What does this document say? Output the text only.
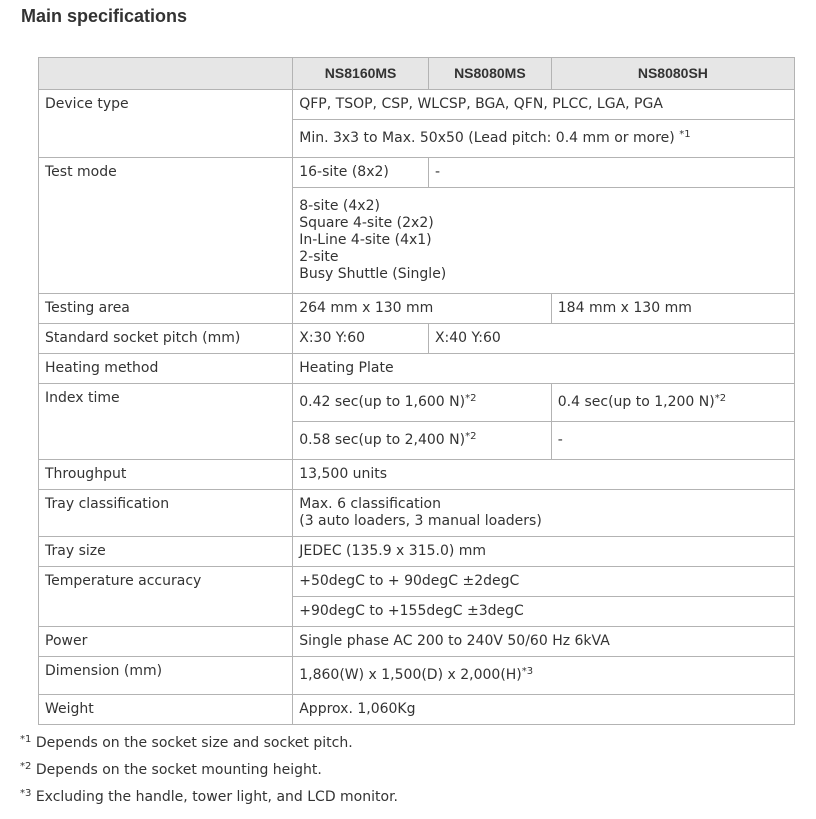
Main specifications
	NS8160MS	NS8080MS	NS8080SH
Device type	QFP, TSOP, CSP, WLCSP, BGA, QFN, PLCC, LGA, PGA		
	Min. 3x3 to Max. 50x50 (Lead pitch: 0.4 mm or more) $^{*1}$
Test mode	16-site (8x2)	-	

	8-site (4x2)
Square 4-site (2x2)
In-Line 4-site (4x1)
2-site
Busy Shuttle (Single)		

Testing area	264 mm x 130 mm		184 mm x 130 mm
Standard socket pitch (mm)	X:30 Y:60	X:40 Y:60	
Heating method	Heating Plate		
Index time	0.42 sec(up to 1,600 N)$^{*2}$		0.4 sec(up to 1,200 N)$^{*2}$
	0.58 sec(up to 2,400 N)$^{*2}$		-
Throughput	13,500 units		
Tray classification	Max. 6 classification
(3 auto loaders, 3 manual loaders)		

Tray size	JEDEC (135.9 x 315.0) mm		
Temperature accuracy	+50degC to + 90degC ±2degC		
	+90degC to +155degC ±3degC		
Power	Single phase AC 200 to 240V 50/60 Hz 6kVA		
Dimension (mm)	1,860(W) x 1,500(D) x $2,000(H)^{*3}$
Weight	Approx. 1,060Kg		
$^{*1}$ Depends on the socket size and socket pitch.
$^{*2}$ Depends on the socket mounting height.
$^{*3}$ Excluding the handle, tower light, and LCD monitor.
